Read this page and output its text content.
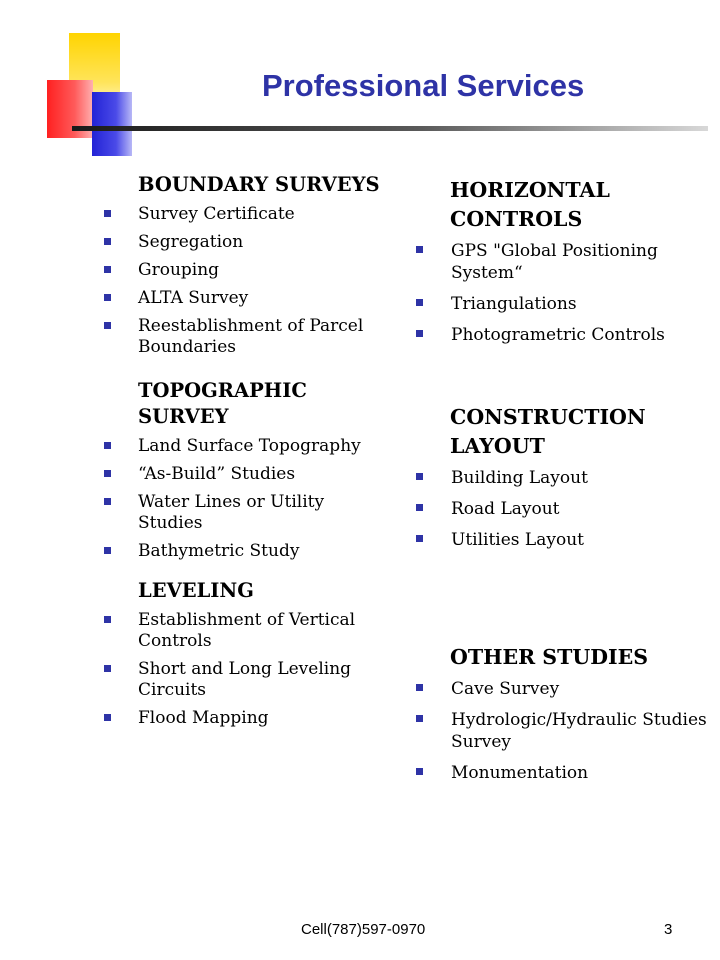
Professional Services

BOUNDARY SURVEYS

Survey Certificate
Segregation
Grouping
ALTA Survey
Reestablishment of Parcel Boundaries

TOPOGRAPHIC SURVEY

Land Surface Topography
“As-Build” Studies
Water Lines or Utility Studies
Bathymetric Study

LEVELING

Establishment of Vertical Controls
Short and Long Leveling Circuits
Flood Mapping

HORIZONTAL CONTROLS

GPS "Global Positioning System“
Triangulations
Photogrametric Controls

CONSTRUCTION LAYOUT

Building Layout
Road Layout
Utilities Layout

OTHER STUDIES

Cave Survey
Hydrologic/Hydraulic Studies Survey
Monumentation
Cell(787)597-0970	3
